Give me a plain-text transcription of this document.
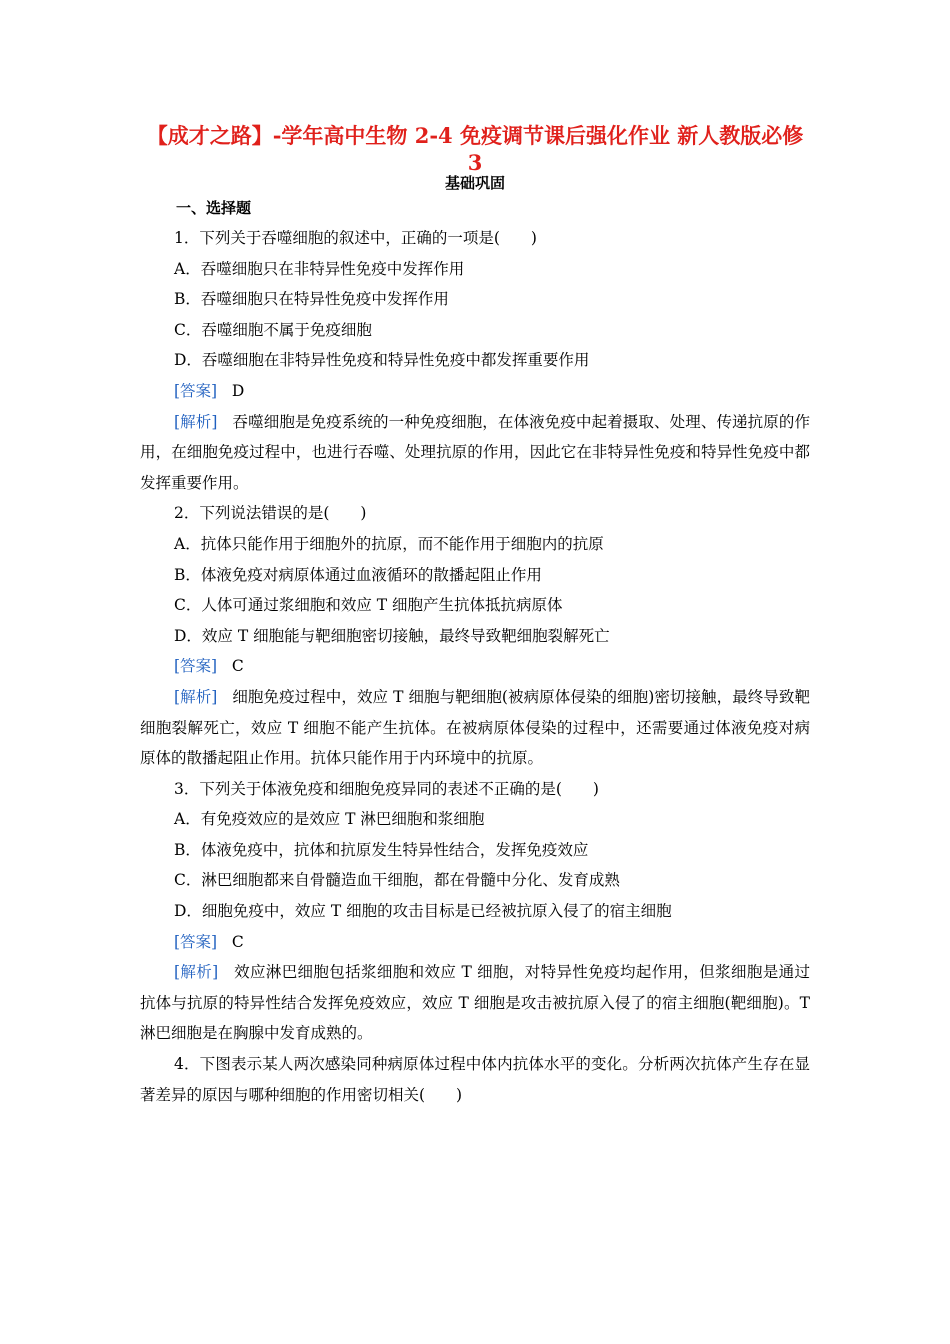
【成才之路】-学年高中生物 2-4 免疫调节课后强化作业 新人教版必修 3
基础巩固
一、选择题
1．下列关于吞噬细胞的叙述中，正确的一项是(　　)
A．吞噬细胞只在非特异性免疫中发挥作用
B．吞噬细胞只在特异性免疫中发挥作用
C．吞噬细胞不属于免疫细胞
D．吞噬细胞在非特异性免疫和特异性免疫中都发挥重要作用
[答案] D

[解析] 吞噬细胞是免疫系统的一种免疫细胞，在体液免疫中起着摄取、处理、传递抗原的作用，在细胞免疫过程中，也进行吞噬、处理抗原的作用，因此它在非特异性免疫和特异性免疫中都发挥重要作用。

2．下列说法错误的是(　　)
A．抗体只能作用于细胞外的抗原，而不能作用于细胞内的抗原
B．体液免疫对病原体通过血液循环的散播起阻止作用
C．人体可通过浆细胞和效应 T 细胞产生抗体抵抗病原体
D．效应 T 细胞能与靶细胞密切接触，最终导致靶细胞裂解死亡
[答案] C

[解析] 细胞免疫过程中，效应 T 细胞与靶细胞(被病原体侵染的细胞)密切接触，最终导致靶细胞裂解死亡，效应 T 细胞不能产生抗体。在被病原体侵染的过程中，还需要通过体液免疫对病原体的散播起阻止作用。抗体只能作用于内环境中的抗原。

3．下列关于体液免疫和细胞免疫异同的表述不正确的是(　　)
A．有免疫效应的是效应 T 淋巴细胞和浆细胞
B．体液免疫中，抗体和抗原发生特异性结合，发挥免疫效应
C．淋巴细胞都来自骨髓造血干细胞，都在骨髓中分化、发育成熟
D．细胞免疫中，效应 T 细胞的攻击目标是已经被抗原入侵了的宿主细胞
[答案] C

[解析] 效应淋巴细胞包括浆细胞和效应 T 细胞，对特异性免疫均起作用，但浆细胞是通过抗体与抗原的特异性结合发挥免疫效应，效应 T 细胞是攻击被抗原入侵了的宿主细胞(靶细胞)。T 淋巴细胞是在胸腺中发育成熟的。

4．下图表示某人两次感染同种病原体过程中体内抗体水平的变化。分析两次抗体产生存在显著差异的原因与哪种细胞的作用密切相关(　　)
